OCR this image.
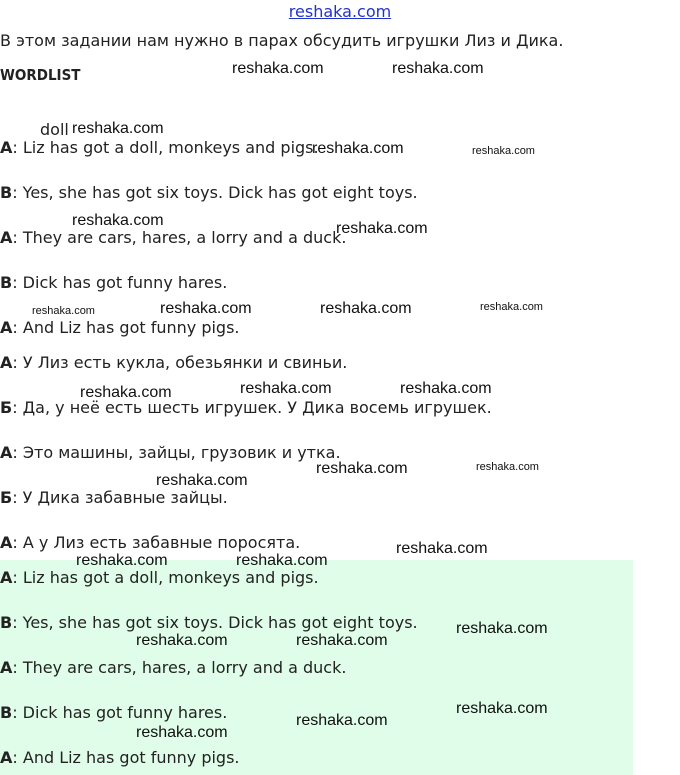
reshaka.com
В этом задании нам нужно в парах обсудить игрушки Лиз и Дика.
WORDLIST
doll
A: Liz has got a doll, monkeys and pigs.
B: Yes, she has got six toys. Dick has got eight toys.
A: They are cars, hares, a lorry and a duck.
B: Dick has got funny hares.
A: And Liz has got funny pigs.
А: У Лиз есть кукла, обезьянки и свиньи.
Б: Да, у неё есть шесть игрушек. У Дика восемь игрушек.
А: Это машины, зайцы, грузовик и утка.
Б: У Дика забавные зайцы.
А: А у Лиз есть забавные поросята.
A: Liz has got a doll, monkeys and pigs.
B: Yes, she has got six toys. Dick has got eight toys.
A: They are cars, hares, a lorry and a duck.
B: Dick has got funny hares.
A: And Liz has got funny pigs.
reshaka.com	reshaka.com
reshaka.com
reshaka.com	reshaka.com
reshaka.com	reshaka.com
reshaka.com	reshaka.com	reshaka.com	reshaka.com
reshaka.com	reshaka.com	reshaka.com
reshaka.com	reshaka.com
reshaka.com
reshaka.com
reshaka.com	reshaka.com
reshaka.com
reshaka.com	reshaka.com
reshaka.com
reshaka.com
reshaka.com
